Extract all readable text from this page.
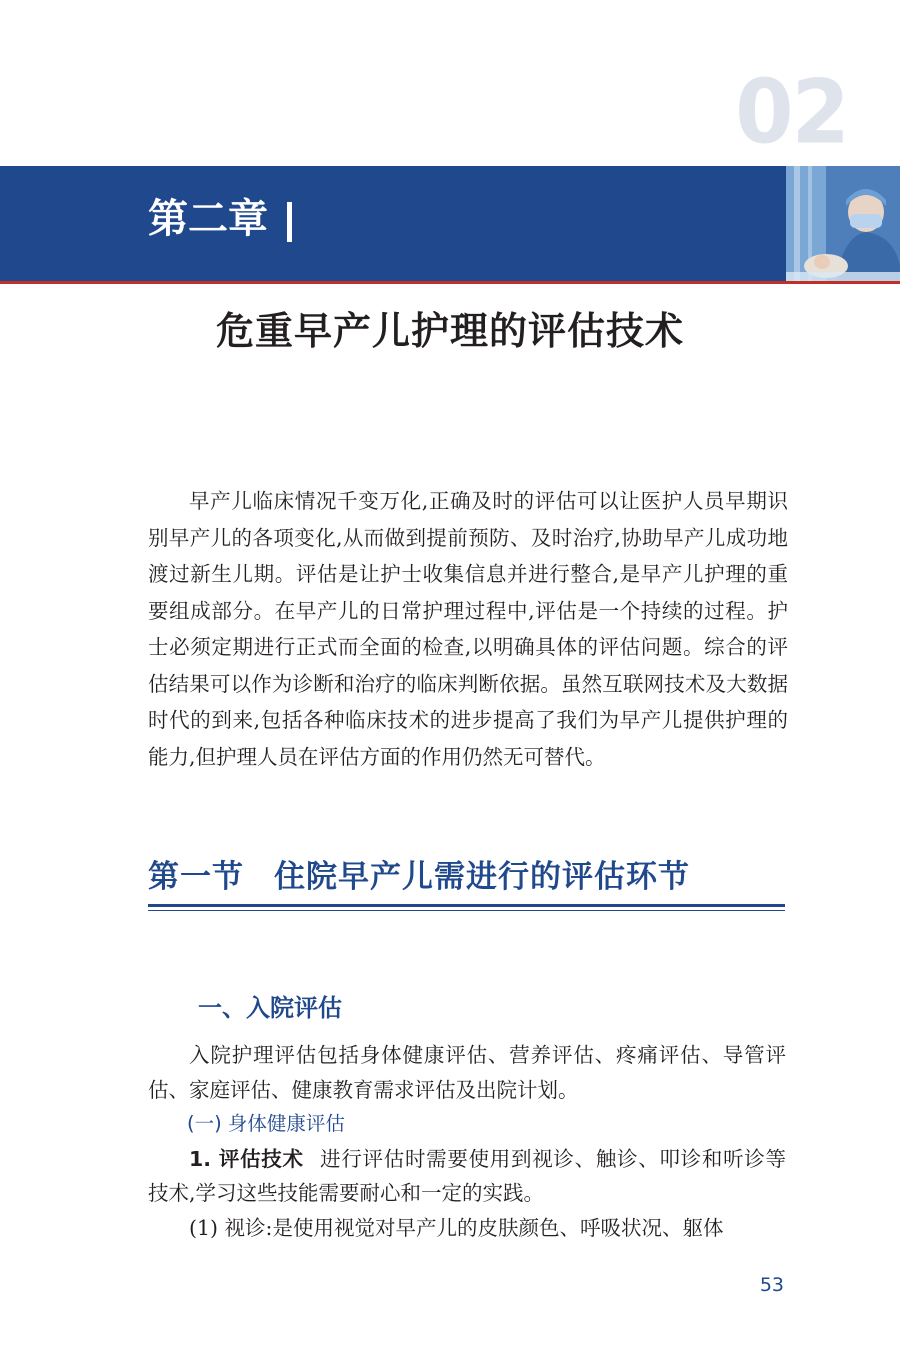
02
第二章
危重早产儿护理的评估技术

早产儿临床情况千变万化,正确及时的评估可以让医护人员早期识别早产儿的各项变化,从而做到提前预防、及时治疗,协助早产儿成功地渡过新生儿期。评估是让护士收集信息并进行整合,是早产儿护理的重要组成部分。在早产儿的日常护理过程中,评估是一个持续的过程。护士必须定期进行正式而全面的检查,以明确具体的评估问题。综合的评估结果可以作为诊断和治疗的临床判断依据。虽然互联网技术及大数据时代的到来,包括各种临床技术的进步提高了我们为早产儿提供护理的能力,但护理人员在评估方面的作用仍然无可替代。

第一节 住院早产儿需进行的评估环节
一、入院评估

入院护理评估包括身体健康评估、营养评估、疼痛评估、导管评估、家庭评估、健康教育需求评估及出院计划。

(一) 身体健康评估

1. 评估技术 进行评估时需要使用到视诊、触诊、叩诊和听诊等技术,学习这些技能需要耐心和一定的实践。

(1) 视诊:是使用视觉对早产儿的皮肤颜色、呼吸状况、躯体

53
